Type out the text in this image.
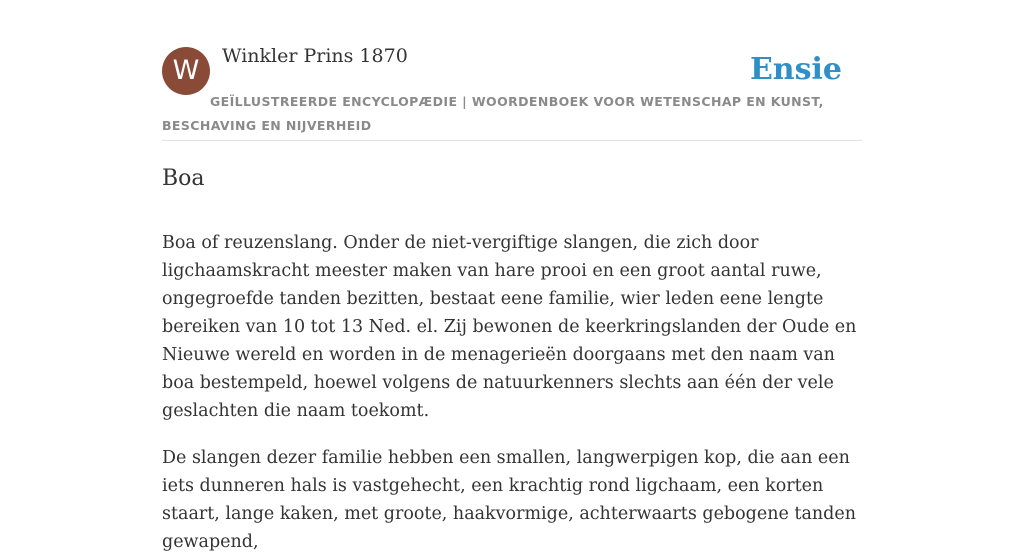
W	Winkler Prins 1870	Ensie
GEÏLLUSTREERDE ENCYCLOPÆDIE | WOORDENBOEK VOOR WETENSCHAP EN KUNST, BESCHAVING EN NIJVERHEID
Boa

Boa of reuzenslang. Onder de niet-vergiftige slangen, die zich door ligchaamskracht meester maken van hare prooi en een groot aantal ruwe, ongegroefde tanden bezitten, bestaat eene familie, wier leden eene lengte bereiken van 10 tot 13 Ned. el. Zij bewonen de keerkringslanden der Oude en Nieuwe wereld en worden in de menagerieën doorgaans met den naam van boa bestempeld, hoewel volgens de natuurkenners slechts aan één der vele geslachten die naam toekomt.

De slangen dezer familie hebben een smallen, langwerpigen kop, die aan een iets dunneren hals is vastgehecht, een krachtig rond ligchaam, een korten staart, lange kaken, met groote, haakvormige, achterwaarts gebogene tanden gewapend,
